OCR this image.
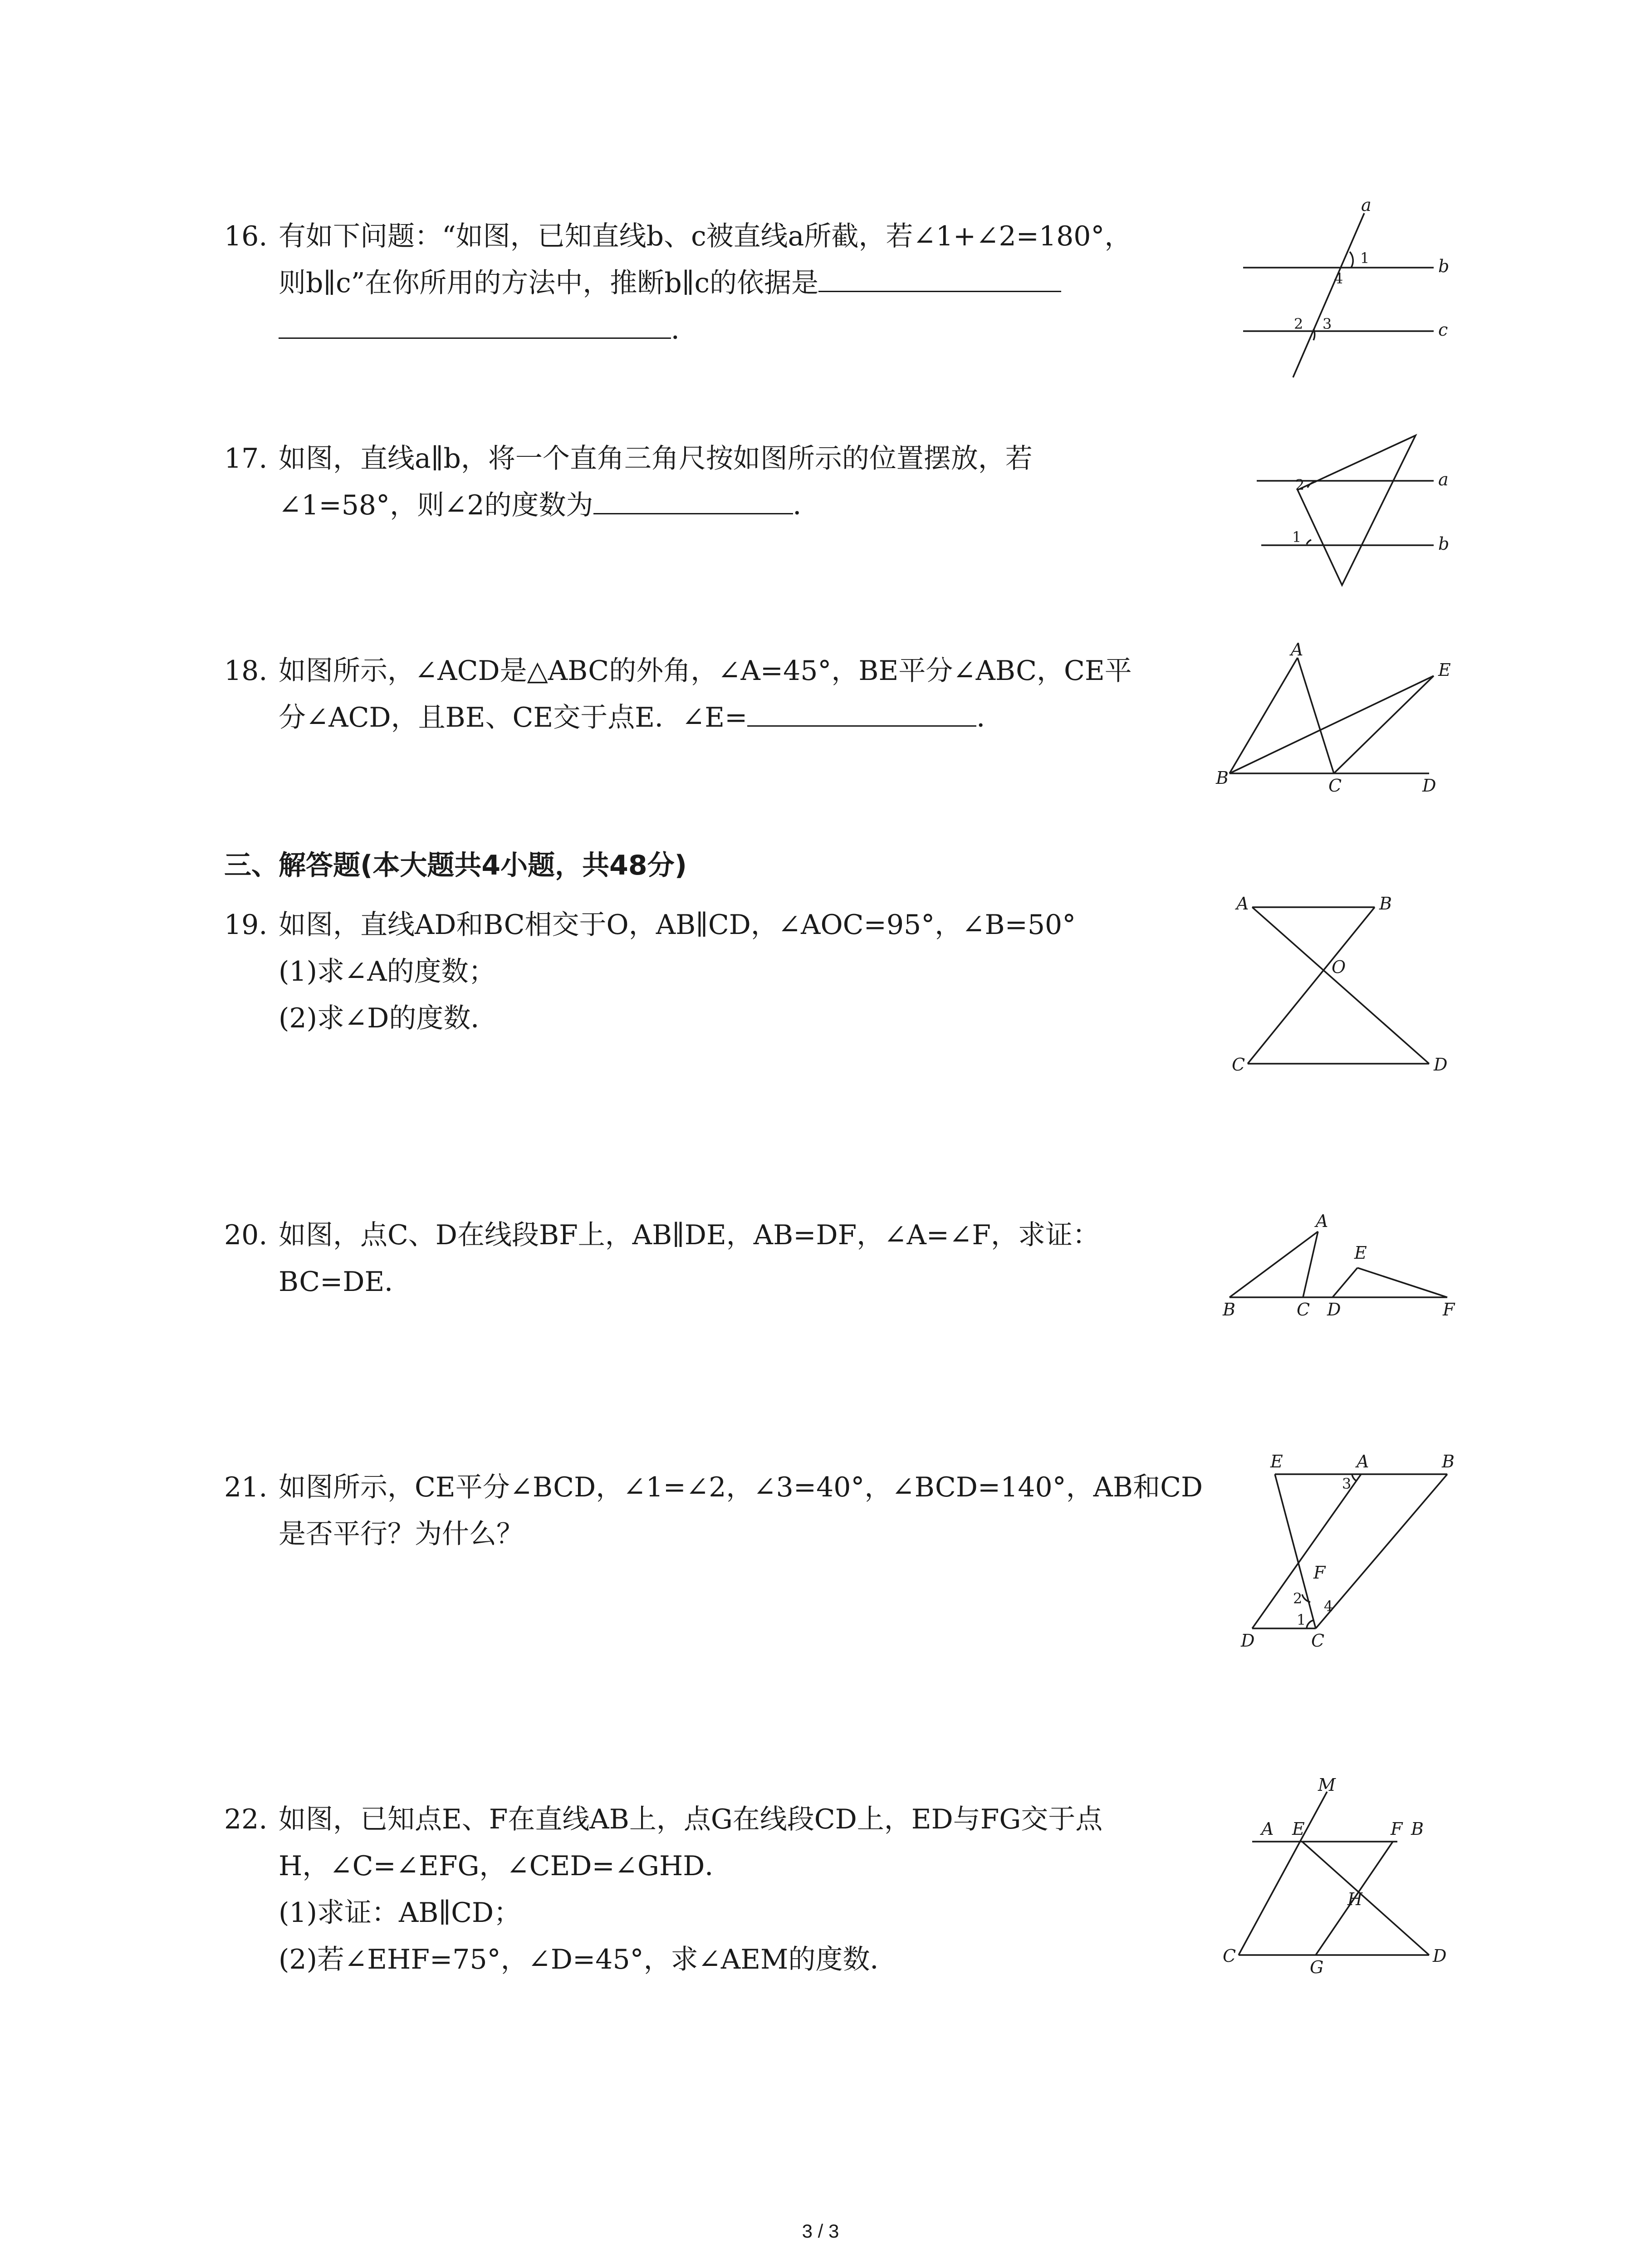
16. 有如下问题：“如图，已知直线b、c被直线a所截，若∠1+∠2=180°，
则b∥c”在你所用的方法中，推断b∥c的依据是
．
17. 如图，直线a∥b，将一个直角三角尺按如图所示的位置摆放，若
∠1=58°，则∠2的度数为	．
18. 如图所示，∠ACD是△ABC的外角，∠A=45°，BE平分∠ABC，CE平
分∠ACD，且BE、CE交于点E．∠E=	．
三、解答题(本大题共4小题，共48分)
19. 如图，直线AD和BC相交于O，AB∥CD，∠AOC=95°，∠B=50°
(1)求∠A的度数；
(2)求∠D的度数．
20. 如图，点C、D在线段BF上，AB∥DE，AB=DF，∠A=∠F，求证：
BC=DE．
21. 如图所示，CE平分∠BCD，∠1=∠2，∠3=40°，∠BCD=140°，AB和CD
是否平行？为什么？
22. 如图，已知点E、F在直线AB上，点G在线段CD上，ED与FG交于点
H，∠C=∠EFG，∠CED=∠GHD．
(1)求证：AB∥CD；
(2)若∠EHF=75°，∠D=45°，求∠AEM的度数．
a
b
c
1
4
2 3
a
b
2
1
A
B	C	D
E
A	B
O
C	D
A
B	C D
E
F
E	A	B
F
D	C
3
2
1
4
M
A E	F B
H
C
G
D
3 / 3
